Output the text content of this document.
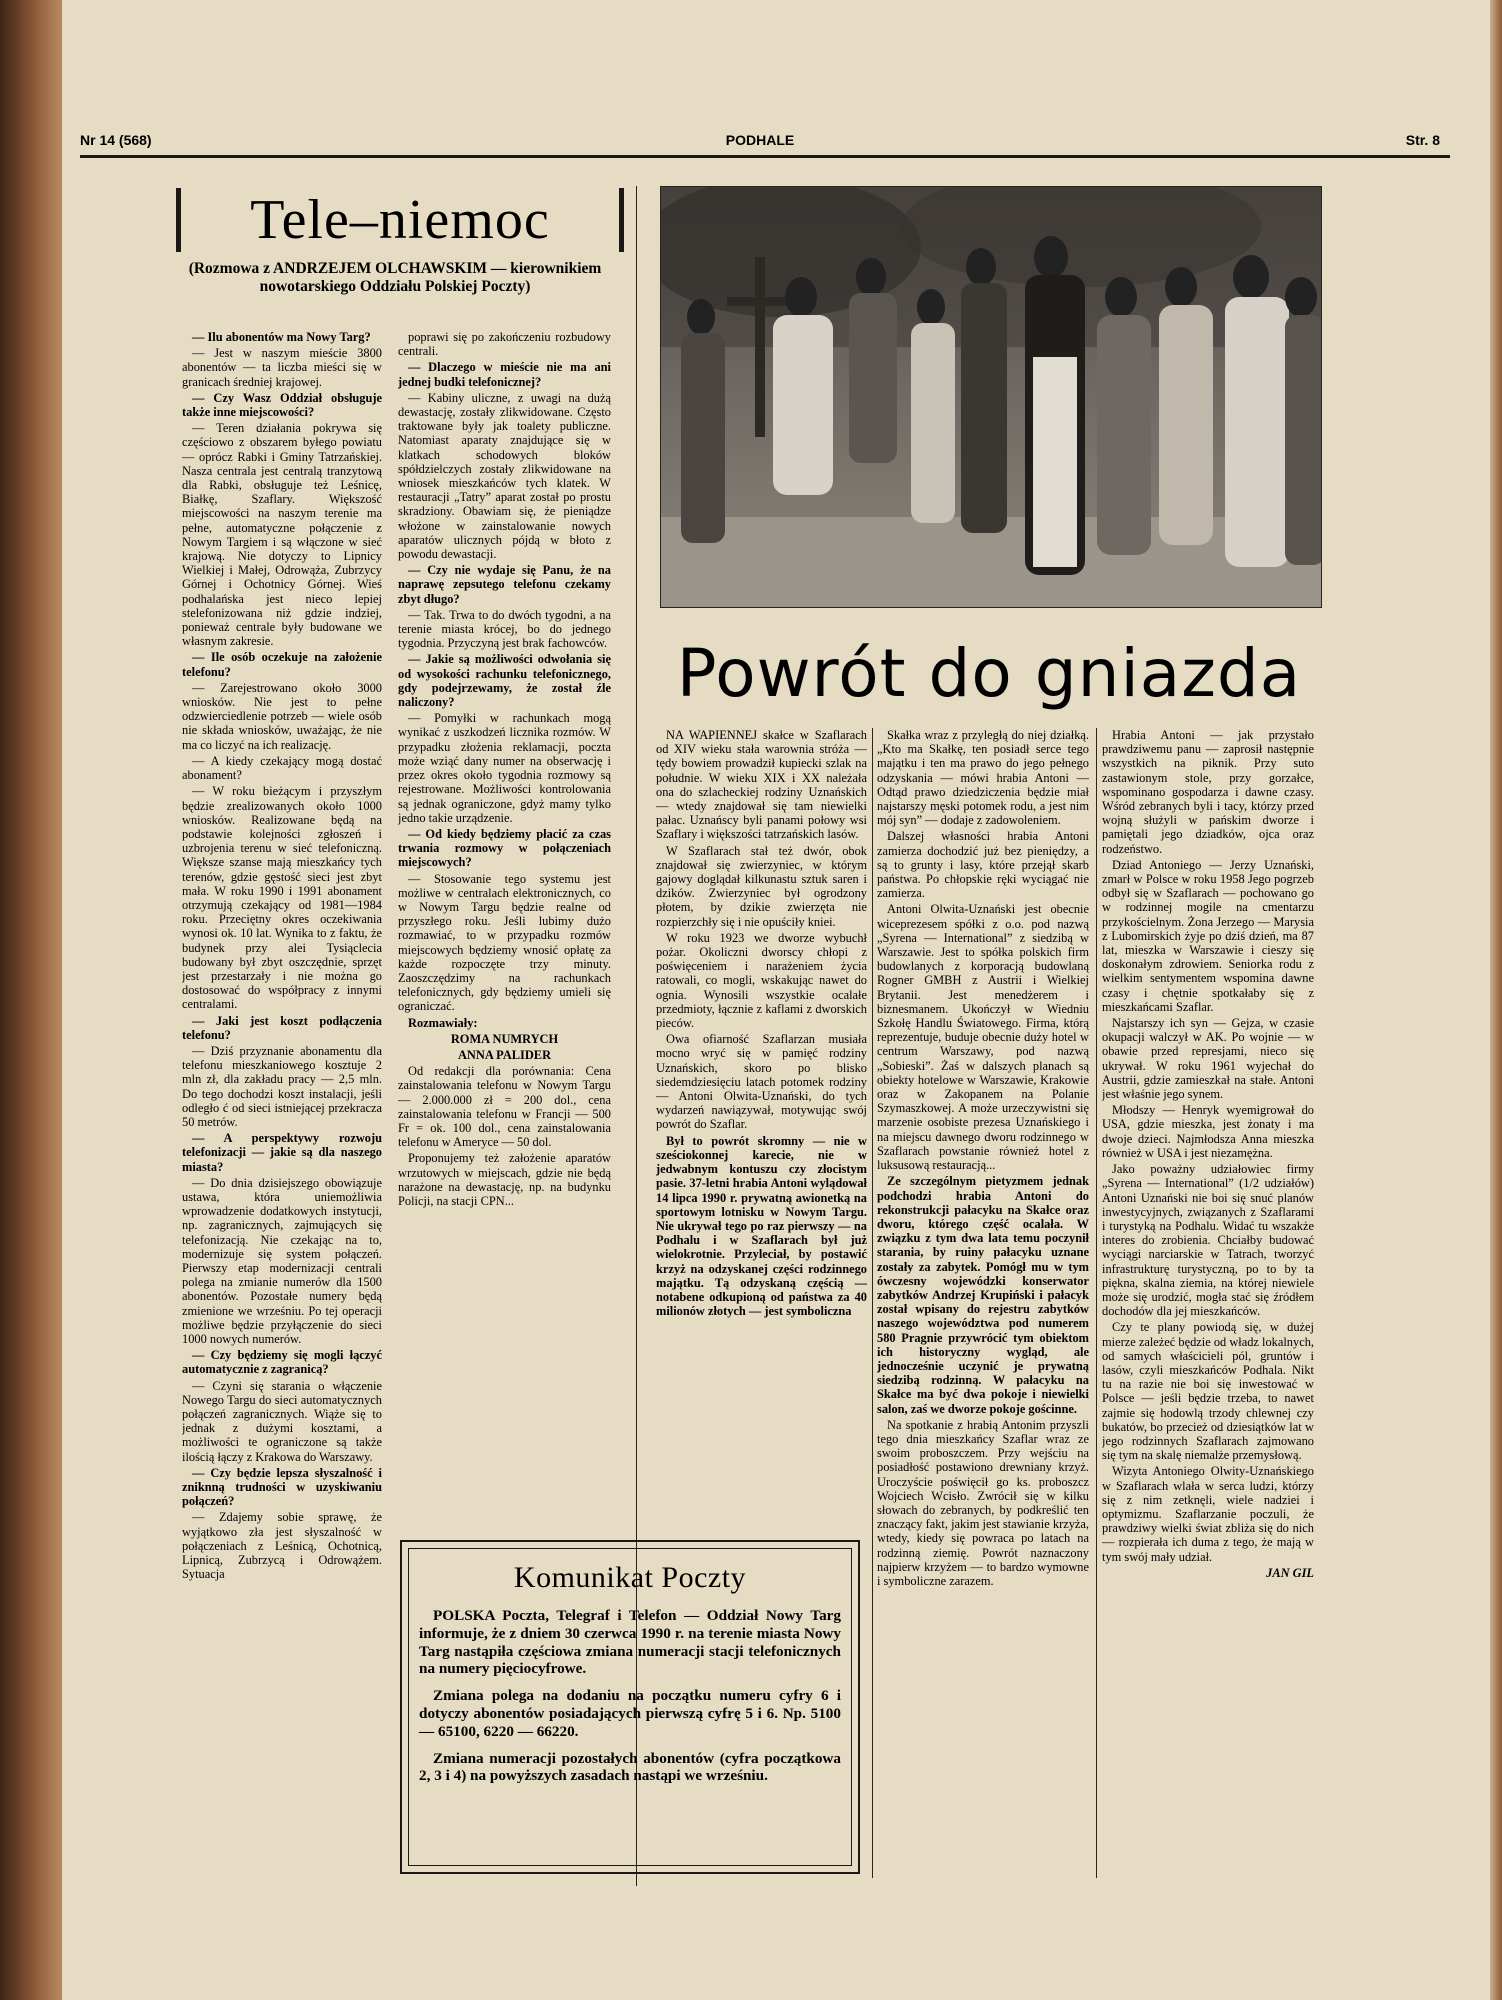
Nr 14 (568)	PODHALE	Str. 8
Tele–niemoc
(Rozmowa z ANDRZEJEM OLCHAWSKIM — kierownikiem nowotarskiego Oddziału Polskiej Poczty)

— Ilu abonentów ma Nowy Targ?

— Jest w naszym mieście 3800 abonentów — ta liczba mieści się w granicach średniej krajowej.

— Czy Wasz Oddział obsługuje także inne miejscowości?

— Teren działania pokrywa się częściowo z obszarem byłego powiatu — oprócz Rabki i Gminy Tatrzańskiej. Nasza centrala jest centralą tranzytową dla Rabki, obsługuje też Leśnicę, Białkę, Szaflary. Większość miejscowości na naszym terenie ma pełne, automatyczne połączenie z Nowym Targiem i są włączone w sieć krajową. Nie dotyczy to Lipnicy Wielkiej i Małej, Odrowąża, Zubrzycy Górnej i Ochotnicy Górnej. Wieś podhalańska jest nieco lepiej stelefonizowana niż gdzie indziej, ponieważ centrale były budowane we własnym zakresie.

— Ile osób oczekuje na założenie telefonu?

— Zarejestrowano około 3000 wniosków. Nie jest to pełne odzwierciedlenie potrzeb — wiele osób nie składa wniosków, uważając, że nie ma co liczyć na ich realizację.

— A kiedy czekający mogą dostać abonament?

— W roku bieżącym i przyszłym będzie zrealizowanych około 1000 wniosków. Realizowane będą na podstawie kolejności zgłoszeń i uzbrojenia terenu w sieć telefoniczną. Większe szanse mają mieszkańcy tych terenów, gdzie gęstość sieci jest zbyt mała. W roku 1990 i 1991 abonament otrzymują czekający od 1981—1984 roku. Przeciętny okres oczekiwania wynosi ok. 10 lat. Wynika to z faktu, że budynek przy alei Tysiąclecia budowany był zbyt oszczędnie, sprzęt jest przestarzały i nie można go dostosować do współpracy z innymi centralami.

— Jaki jest koszt podłączenia telefonu?

— Dziś przyznanie abonamentu dla telefonu mieszkaniowego kosztuje 2 mln zł, dla zakładu pracy — 2,5 mln. Do tego dochodzi koszt instalacji, jeśli odległo ć od sieci istniejącej przekracza 50 metrów.

— A perspektywy rozwoju telefonizacji — jakie są dla naszego miasta?

— Do dnia dzisiejszego obowiązuje ustawa, która uniemożliwia wprowadzenie dodatkowych instytucji, np. zagranicznych, zajmujących się telefonizacją. Nie czekając na to, modernizuje się system połączeń. Pierwszy etap modernizacji centrali polega na zmianie numerów dla 1500 abonentów. Pozostałe numery będą zmienione we wrześniu. Po tej operacji możliwe będzie przyłączenie do sieci 1000 nowych numerów.

— Czy będziemy się mogli łączyć automatycznie z zagranicą?

— Czyni się starania o włączenie Nowego Targu do sieci automatycznych połączeń zagranicznych. Wiąże się to jednak z dużymi kosztami, a możliwości te ograniczone są także ilością łączy z Krakowa do Warszawy.

— Czy będzie lepsza słyszalność i zniknną trudności w uzyskiwaniu połączeń?

— Zdajemy sobie sprawę, że wyjątkowo zła jest słyszalność w połączeniach z Leśnicą, Ochotnicą, Lipnicą, Zubrzycą i Odrowążem. Sytuacja

poprawi się po zakończeniu rozbudowy centrali.

— Dlaczego w mieście nie ma ani jednej budki telefonicznej?

— Kabiny uliczne, z uwagi na dużą dewastację, zostały zlikwidowane. Często traktowane były jak toalety publiczne. Natomiast aparaty znajdujące się w klatkach schodowych bloków spółdzielczych zostały zlikwidowane na wniosek mieszkańców tych klatek. W restauracji „Tatry” aparat został po prostu skradziony. Obawiam się, że pieniądze włożone w zainstalowanie nowych aparatów ulicznych pójdą w błoto z powodu dewastacji.

— Czy nie wydaje się Panu, że na naprawę zepsutego telefonu czekamy zbyt długo?

— Tak. Trwa to do dwóch tygodni, a na terenie miasta krócej, bo do jednego tygodnia. Przyczyną jest brak fachowców.

— Jakie są możliwości odwołania się od wysokości rachunku telefonicznego, gdy podejrzewamy, że został źle naliczony?

— Pomyłki w rachunkach mogą wynikać z uszkodzeń licznika rozmów. W przypadku złożenia reklamacji, poczta może wziąć dany numer na obserwację i przez okres około tygodnia rozmowy są rejestrowane. Możliwości kontrolowania są jednak ograniczone, gdyż mamy tylko jedno takie urządzenie.

— Od kiedy będziemy płacić za czas trwania rozmowy w połączeniach miejscowych?

— Stosowanie tego systemu jest możliwe w centralach elektronicznych, co w Nowym Targu będzie realne od przyszłego roku. Jeśli lubimy dużo rozmawiać, to w przypadku rozmów miejscowych będziemy wnosić opłatę za każde rozpoczęte trzy minuty. Zaoszczędzimy na rachunkach telefonicznych, gdy będziemy umieli się ograniczać.

Rozmawiały:

ROMA NUMRYCH

ANNA PALIDER

Od redakcji dla porównania: Cena zainstalowania telefonu w Nowym Targu — 2.000.000 zł = 200 dol., cena zainstalowania telefonu w Francji — 500 Fr = ok. 100 dol., cena zainstalowania telefonu w Ameryce — 50 dol.

Proponujemy też założenie aparatów wrzutowych w miejscach, gdzie nie będą narażone na dewastację, np. na budynku Policji, na stacji CPN...

Powrót do gniazda

NA WAPIENNEJ skałce w Szaflarach od XIV wieku stała warownia stróża — tędy bowiem prowadził kupiecki szlak na południe. W wieku XIX i XX należała ona do szlacheckiej rodziny Uznańskich — wtedy znajdował się tam niewielki pałac. Uznańscy byli panami połowy wsi Szaflary i większości tatrzańskich lasów.

W Szaflarach stał też dwór, obok znajdował się zwierzyniec, w którym gajowy doglądał kilkunastu sztuk saren i dzików. Zwierzyniec był ogrodzony płotem, by dzikie zwierzęta nie rozpierzchły się i nie opuściły kniei.

W roku 1923 we dworze wybuchł pożar. Okoliczni dworscy chłopi z poświęceniem i narażeniem życia ratowali, co mogli, wskakując nawet do ognia. Wynosili wszystkie ocalałe przedmioty, łącznie z kaflami z dworskich pieców.

Owa ofiarność Szaflarzan musiała mocno wryć się w pamięć rodziny Uznańskich, skoro po blisko siedemdziesięciu latach potomek rodziny — Antoni Olwita-Uznański, do tych wydarzeń nawiązywał, motywując swój powrót do Szaflar.

Był to powrót skromny — nie w sześciokonnej karecie, nie w jedwabnym kontuszu czy złocistym pasie. 37-letni hrabia Antoni wylądował 14 lipca 1990 r. prywatną awionetką na sportowym lotnisku w Nowym Targu. Nie ukrywał tego po raz pierwszy — na Podhalu i w Szaflarach był już wielokrotnie. Przyleciał, by postawić krzyż na odzyskanej części rodzinnego majątku. Tą odzyskaną częścią — notabene odkupioną od państwa za 40 milionów złotych — jest symboliczna

Skałka wraz z przyległą do niej działką. „Kto ma Skałkę, ten posiadł serce tego majątku i ten ma prawo do jego pełnego odzyskania — mówi hrabia Antoni — Odtąd prawo dziedziczenia będzie miał najstarszy męski potomek rodu, a jest nim mój syn” — dodaje z zadowoleniem.

Dalszej własności hrabia Antoni zamierza dochodzić już bez pieniędzy, a są to grunty i lasy, które przejął skarb państwa. Po chłopskie ręki wyciągać nie zamierza.

Antoni Olwita-Uznański jest obecnie wiceprezesem spółki z o.o. pod nazwą „Syrena — International” z siedzibą w Warszawie. Jest to spółka polskich firm budowlanych z korporacją budowlaną Rogner GMBH z Austrii i Wielkiej Brytanii. Jest menedżerem i biznesmanem. Ukończył w Wiedniu Szkołę Handlu Światowego. Firma, którą reprezentuje, buduje obecnie duży hotel w centrum Warszawy, pod nazwą „Sobieski”. Żaś w dalszych planach są obiekty hotelowe w Warszawie, Krakowie oraz w Zakopanem na Polanie Szymaszkowej. A może urzeczywistni się marzenie osobiste prezesa Uznańskiego i na miejscu dawnego dworu rodzinnego w Szaflarach powstanie również hotel z luksusową restauracją...

Ze szczególnym pietyzmem jednak podchodzi hrabia Antoni do rekonstrukcji pałacyku na Skałce oraz dworu, którego część ocalała. W związku z tym dwa lata temu poczynił starania, by ruiny pałacyku uznane zostały za zabytek. Pomógł mu w tym ówczesny wojewódzki konserwator zabytków Andrzej Krupiński i pałacyk został wpisany do rejestru zabytków naszego województwa pod numerem 580 Pragnie przywrócić tym obiektom ich historyczny wygląd, ale jednocześnie uczynić je prywatną siedzibą rodzinną. W pałacyku na Skałce ma być dwa pokoje i niewielki salon, zaś we dworze pokoje gościnne.

Na spotkanie z hrabią Antonim przyszli tego dnia mieszkańcy Szaflar wraz ze swoim proboszczem. Przy wejściu na posiadłość postawiono drewniany krzyż. Uroczyście poświęcił go ks. proboszcz Wojciech Wcisło. Zwrócił się w kilku słowach do zebranych, by podkreślić ten znaczący fakt, jakim jest stawianie krzyża, wtedy, kiedy się powraca po latach na rodzinną ziemię. Powrót naznaczony najpierw krzyżem — to bardzo wymowne i symboliczne zarazem.

Hrabia Antoni — jak przystało prawdziwemu panu — zaprosił następnie wszystkich na piknik. Przy suto zastawionym stole, przy gorzałce, wspominano gospodarza i dawne czasy. Wśród zebranych byli i tacy, którzy przed wojną służyli w pańskim dworze i pamiętali jego dziadków, ojca oraz rodzeństwo.

Dziad Antoniego — Jerzy Uznański, zmarł w Polsce w roku 1958 Jego pogrzeb odbył się w Szaflarach — pochowano go w rodzinnej mogile na cmentarzu przykościelnym. Żona Jerzego — Marysia z Lubomirskich żyje po dziś dzień, ma 87 lat, mieszka w Warszawie i cieszy się doskonałym zdrowiem. Seniorka rodu z wielkim sentymentem wspomina dawne czasy i chętnie spotkałaby się z mieszkańcami Szaflar.

Najstarszy ich syn — Gejza, w czasie okupacji walczył w AK. Po wojnie — w obawie przed represjami, nieco się ukrywał. W roku 1961 wyjechał do Austrii, gdzie zamieszkał na stałe. Antoni jest właśnie jego synem.

Młodszy — Henryk wyemigrował do USA, gdzie mieszka, jest żonaty i ma dwoje dzieci. Najmłodsza Anna mieszka również w USA i jest niezamężna.

Jako poważny udziałowiec firmy „Syrena — International” (1/2 udziałów) Antoni Uznański nie boi się snuć planów inwestycyjnych, związanych z Szaflarami i turystyką na Podhalu. Widać tu wszakże interes do zrobienia. Chciałby budować wyciągi narciarskie w Tatrach, tworzyć infrastrukturę turystyczną, po to by ta piękna, skalna ziemia, na której niewiele może się urodzić, mogła stać się źródłem dochodów dla jej mieszkańców.

Czy te plany powiodą się, w dużej mierze zależeć będzie od władz lokalnych, od samych właścicieli pól, gruntów i lasów, czyli mieszkańców Podhala. Nikt tu na razie nie boi się inwestować w Polsce — jeśli będzie trzeba, to nawet zajmie się hodowlą trzody chlewnej czy bukatów, bo przecież od dziesiątków lat w jego rodzinnych Szaflarach zajmowano się tym na skalę niemalże przemysłową.

Wizyta Antoniego Olwity-Uznańskiego w Szaflarach wlała w serca ludzi, którzy się z nim zetknęli, wiele nadziei i optymizmu. Szaflarzanie poczuli, że prawdziwy wielki świat zbliża się do nich — rozpierała ich duma z tego, że mają w tym swój mały udział.

JAN GIL

Komunikat Poczty

POLSKA Poczta, Telegraf i Telefon — Oddział Nowy Targ informuje, że z dniem 30 czerwca 1990 r. na terenie miasta Nowy Targ nastąpiła częściowa zmiana numeracji stacji telefonicznych na numery pięciocyfrowe.

Zmiana polega na dodaniu na początku numeru cyfry 6 i dotyczy abonentów posiadających pierwszą cyfrę 5 i 6. Np. 5100 — 65100, 6220 — 66220.

Zmiana numeracji pozostałych abonentów (cyfra początkowa 2, 3 i 4) na powyższych zasadach nastąpi we wrześniu.
